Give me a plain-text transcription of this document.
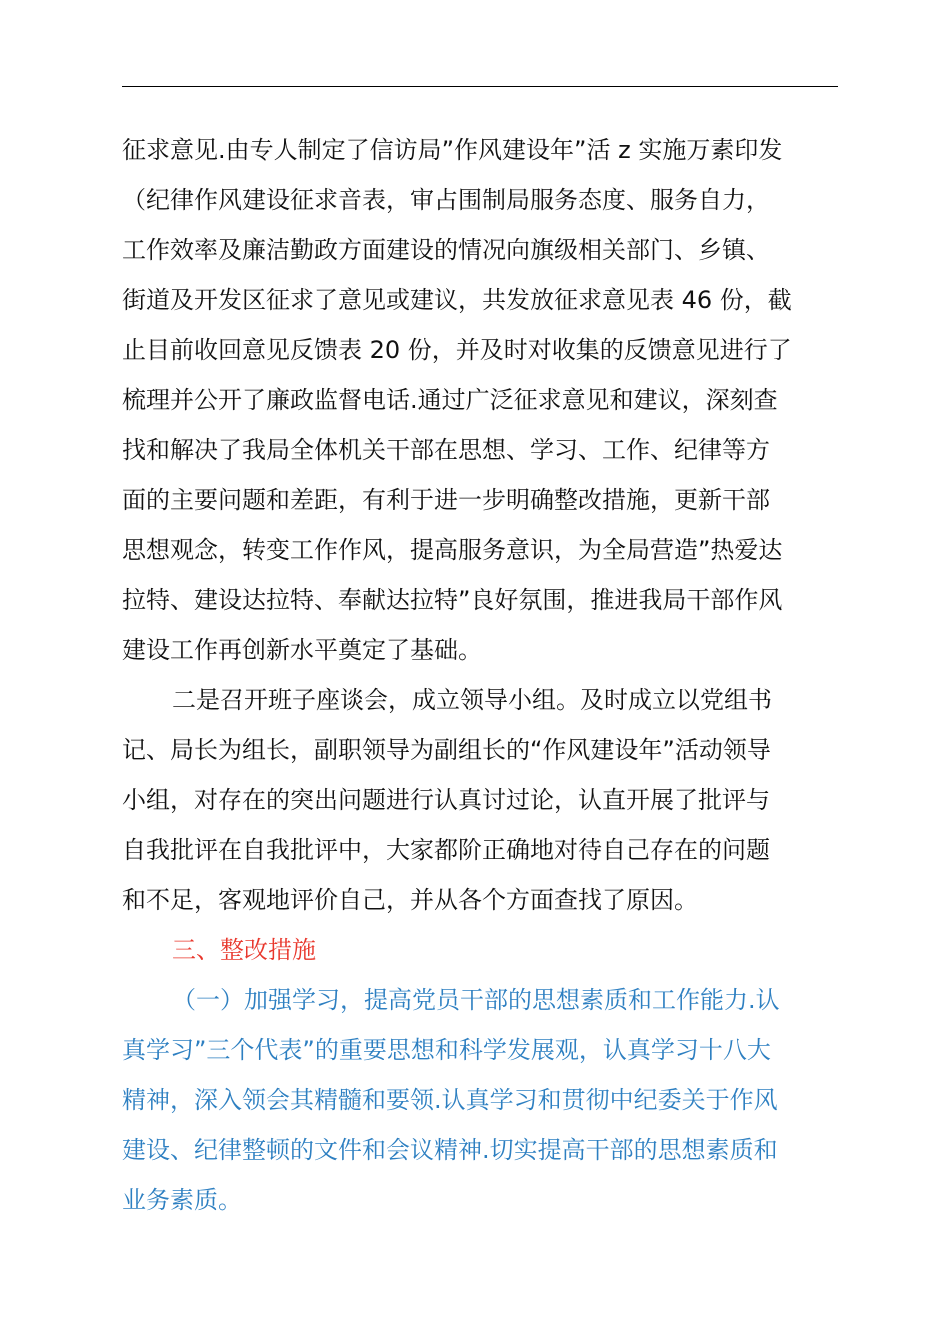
征求意见.由专人制定了信访局”作风建设年”活 z 实施万素印发
（纪律作风建设征求音表，审占围制局服务态度、服务自力，
工作效率及廉洁勤政方面建设的情况向旗级相关部门、乡镇、
街道及开发区征求了意见或建议，共发放征求意见表 46 份，截
止目前收回意见反馈表 20 份，并及时对收集的反馈意见进行了
梳理并公开了廉政监督电话.通过广泛征求意见和建议，深刻查
找和解决了我局全体机关干部在思想、学习、工作、纪律等方
面的主要问题和差距，有利于进一步明确整改措施，更新干部
思想观念，转变工作作风，提高服务意识，为全局营造”热爱达
拉特、建设达拉特、奉献达拉特”良好氛围，推进我局干部作风
建设工作再创新水平奠定了基础。
二是召开班子座谈会，成立领导小组。及时成立以党组书
记、局长为组长，副职领导为副组长的“作风建设年”活动领导
小组，对存在的突出问题进行认真讨过论，认直开展了批评与
自我批评在自我批评中，大家都阶正确地对待自己存在的问题
和不足，客观地评价自己，并从各个方面查找了原因。
三、整改措施
（一）加强学习，提高党员干部的思想素质和工作能力.认
真学习”三个代表”的重要思想和科学发展观，认真学习十八大
精神，深入领会其精髓和要领.认真学习和贯彻中纪委关于作风
建设、纪律整顿的文件和会议精神.切实提高干部的思想素质和
业务素质。
